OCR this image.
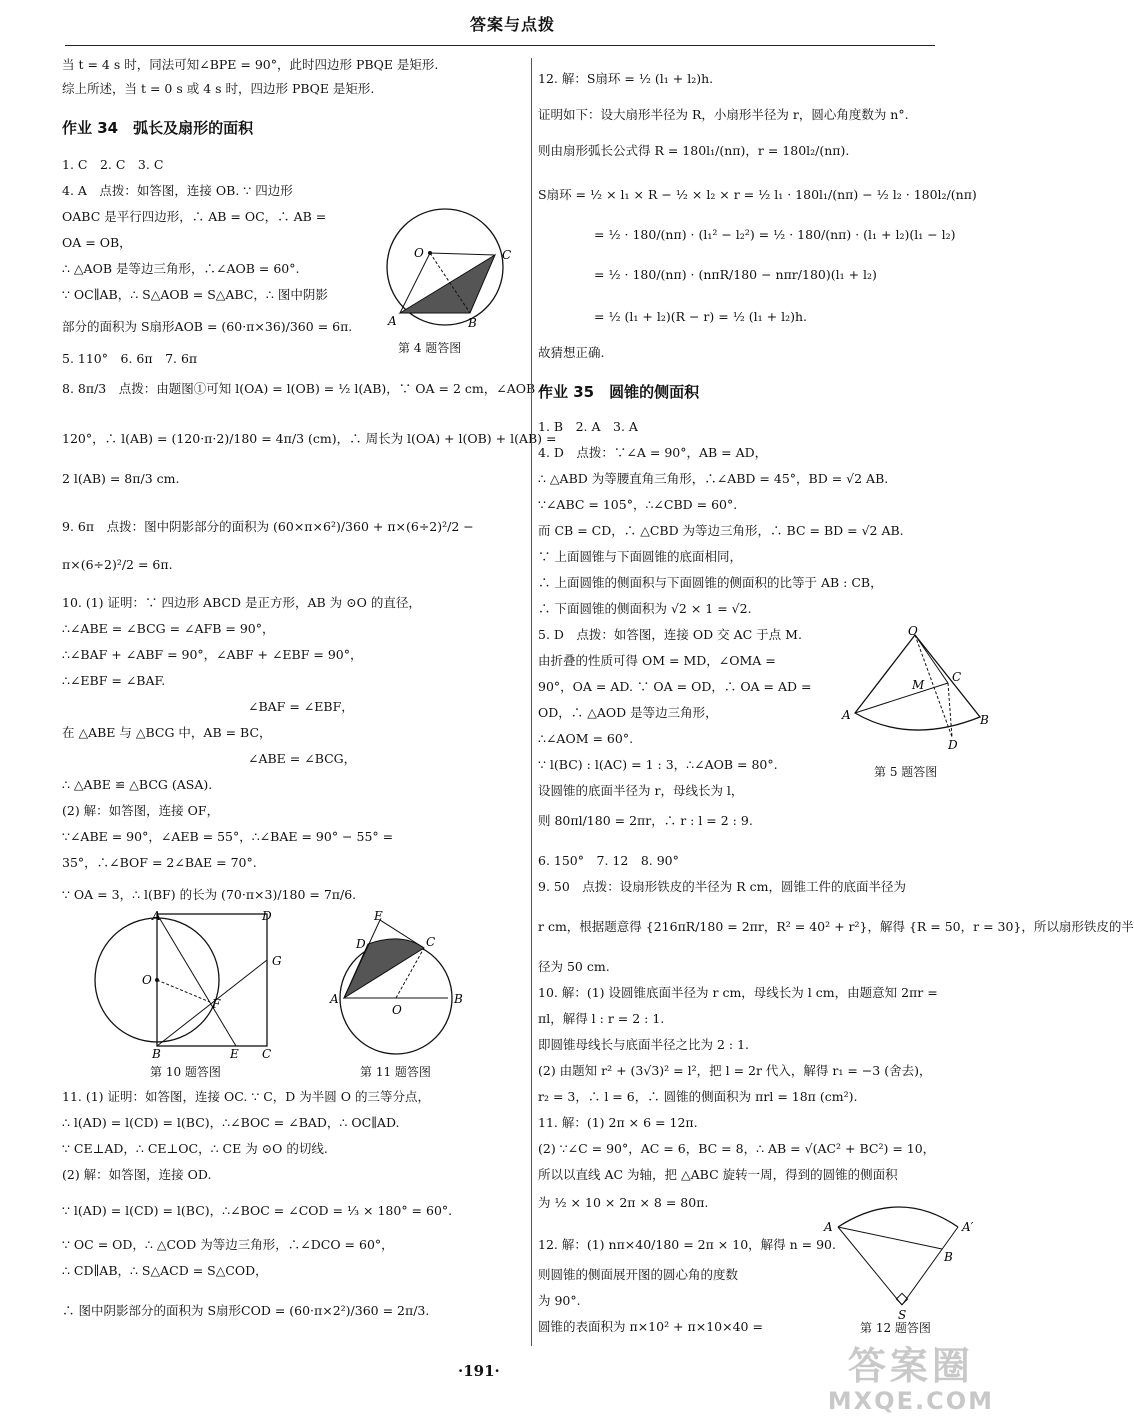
答案与点拨
当 t = 4 s 时，同法可知∠BPE = 90°，此时四边形 PBQE 是矩形.
综上所述，当 t = 0 s 或 4 s 时，四边形 PBQE 是矩形.
作业 34　弧长及扇形的面积
1. C　2. C　3. C
4. A　点拨：如答图，连接 OB. ∵ 四边形
OABC 是平行四边形，∴ AB = OC，∴ AB =
OA = OB，
∴ △AOB 是等边三角形，∴∠AOB = 60°.
∵ OC∥AB，∴ S△AOB = S△ABC，∴ 图中阴影
部分的面积为 S扇形AOB = (60·π×36)/360 = 6π.
5. 110°　6. 6π　7. 6π
8. 8π/3　点拨：由题图①可知 l(OA) = l(OB) = ½ l(AB)，∵ OA = 2 cm，∠AOB =
120°，∴ l(AB) = (120·π·2)/180 = 4π/3 (cm)，∴ 周长为 l(OA) + l(OB) + l(AB) =
2 l(AB) = 8π/3 cm.
9. 6π　点拨：图中阴影部分的面积为 (60×π×6²)/360 + π×(6÷2)²/2 −
π×(6÷2)²/2 = 6π.
10. (1) 证明：∵ 四边形 ABCD 是正方形，AB 为 ⊙O 的直径，
∴∠ABE = ∠BCG = ∠AFB = 90°，
∴∠BAF + ∠ABF = 90°，∠ABF + ∠EBF = 90°，
∴∠EBF = ∠BAF.
∠BAF = ∠EBF，
在 △ABE 与 △BCG 中，AB = BC，
∠ABE = ∠BCG，
∴ △ABE ≌ △BCG (ASA).
(2) 解：如答图，连接 OF，
∵∠ABE = 90°，∠AEB = 55°，∴∠BAE = 90° − 55° =
35°，∴∠BOF = 2∠BAE = 70°.
∵ OA = 3，∴ l(BF) 的长为 (70·π×3)/180 = 7π/6.
11. (1) 证明：如答图，连接 OC. ∵ C，D 为半圆 O 的三等分点，
∴ l(AD) = l(CD) = l(BC)，∴∠BOC = ∠BAD，∴ OC∥AD.
∵ CE⊥AD，∴ CE⊥OC，∴ CE 为 ⊙O 的切线.
(2) 解：如答图，连接 OD.
∵ l(AD) = l(CD) = l(BC)，∴∠BOC = ∠COD = ⅓ × 180° = 60°.
∵ OC = OD，∴ △COD 为等边三角形，∴∠DCO = 60°，
∴ CD∥AB，∴ S△ACD = S△COD，
∴ 图中阴影部分的面积为 S扇形COD = (60·π×2²)/360 = 2π/3.
12. 解：S扇环 = ½ (l₁ + l₂)h.
证明如下：设大扇形半径为 R，小扇形半径为 r，圆心角度数为 n°.
则由扇形弧长公式得 R = 180l₁/(nπ)，r = 180l₂/(nπ).
S扇环 = ½ × l₁ × R − ½ × l₂ × r = ½ l₁ · 180l₁/(nπ) − ½ l₂ · 180l₂/(nπ)
= ½ · 180/(nπ) · (l₁² − l₂²) = ½ · 180/(nπ) · (l₁ + l₂)(l₁ − l₂)
= ½ · 180/(nπ) · (nπR/180 − nπr/180)(l₁ + l₂)
= ½ (l₁ + l₂)(R − r) = ½ (l₁ + l₂)h.
故猜想正确.
作业 35　圆锥的侧面积
1. B　2. A　3. A
4. D　点拨：∵∠A = 90°，AB = AD，
∴ △ABD 为等腰直角三角形，∴∠ABD = 45°，BD = √2 AB.
∵∠ABC = 105°，∴∠CBD = 60°.
而 CB = CD，∴ △CBD 为等边三角形，∴ BC = BD = √2 AB.
∵ 上面圆锥与下面圆锥的底面相同，
∴ 上面圆锥的侧面积与下面圆锥的侧面积的比等于 AB : CB，
∴ 下面圆锥的侧面积为 √2 × 1 = √2.
5. D　点拨：如答图，连接 OD 交 AC 于点 M.
由折叠的性质可得 OM = MD，∠OMA =
90°，OA = AD. ∵ OA = OD，∴ OA = AD =
OD，∴ △AOD 是等边三角形，
∴∠AOM = 60°.
∵ l(BC) : l(AC) = 1 : 3，∴∠AOB = 80°.
设圆锥的底面半径为 r，母线长为 l，
则 80πl/180 = 2πr，∴ r : l = 2 : 9.
6. 150°　7. 12　8. 90°
9. 50　点拨：设扇形铁皮的半径为 R cm，圆锥工件的底面半径为
r cm，根据题意得 {216πR/180 = 2πr，R² = 40² + r²}，解得 {R = 50，r = 30}，所以扇形铁皮的半
径为 50 cm.
10. 解：(1) 设圆锥底面半径为 r cm，母线长为 l cm，由题意知 2πr =
πl，解得 l : r = 2 : 1.
即圆锥母线长与底面半径之比为 2 : 1.
(2) 由题知 r² + (3√3)² = l²，把 l = 2r 代入，解得 r₁ = −3 (舍去)，
r₂ = 3，∴ l = 6，∴ 圆锥的侧面积为 πrl = 18π (cm²).
11. 解：(1) 2π × 6 = 12π.
(2) ∵∠C = 90°，AC = 6，BC = 8，∴ AB = √(AC² + BC²) = 10，
所以以直线 AC 为轴，把 △ABC 旋转一周，得到的圆锥的侧面积
为 ½ × 10 × 2π × 8 = 80π.
12. 解：(1) nπ×40/180 = 2π × 10，解得 n = 90.
则圆锥的侧面展开图的圆心角的度数
为 90°.
圆锥的表面积为 π×10² + π×10×40 =
O	C
A	B
第 4 题答图
A	D
G
O
F
B	E C
第 10 题答图
E
D	C
A
O
B
第 11 题答图
O
C
M
A	B
D
第 5 题答图
A	A′
B
S
第 12 题答图
·191·	答案圈
MXQE.COM
